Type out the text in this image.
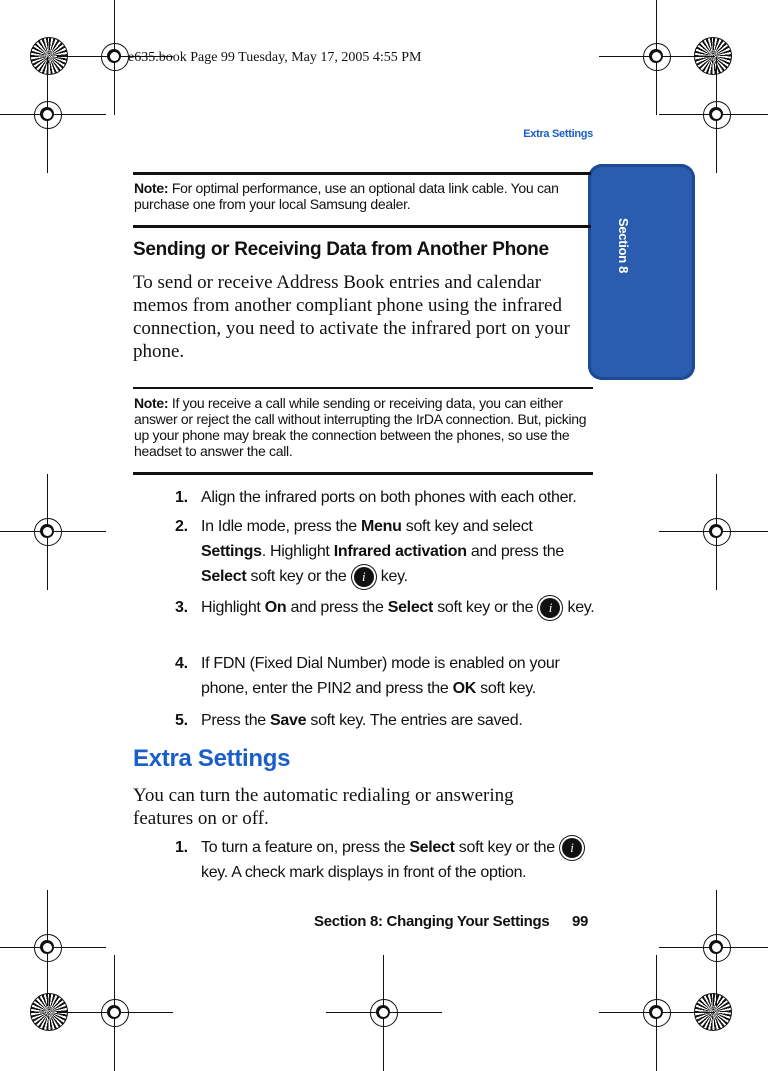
e635.book Page 99 Tuesday, May 17, 2005 4:55 PM
Extra Settings
Section 8
Note: For optimal performance, use an optional data link cable. You can purchase one from your local Samsung dealer.
Sending or Receiving Data from Another Phone
To send or receive Address Book entries and calendar memos from another compliant phone using the infrared connection, you need to activate the infrared port on your phone.
Note: If you receive a call while sending or receiving data, you can either answer or reject the call without interrupting the IrDA connection. But, picking up your phone may break the connection between the phones, so use the headset to answer the call.
1. Align the infrared ports on both phones with each other.
2. In Idle mode, press the Menu soft key and select Settings. Highlight Infrared activation and press the Select soft key or the i key.
3. Highlight On and press the Select soft key or the i key.
4. If FDN (Fixed Dial Number) mode is enabled on your phone, enter the PIN2 and press the OK soft key.
5. Press the Save soft key. The entries are saved.
Extra Settings
You can turn the automatic redialing or answering features on or off.
1. To turn a feature on, press the Select soft key or the i key. A check mark displays in front of the option.
Section 8: Changing Your Settings 99
